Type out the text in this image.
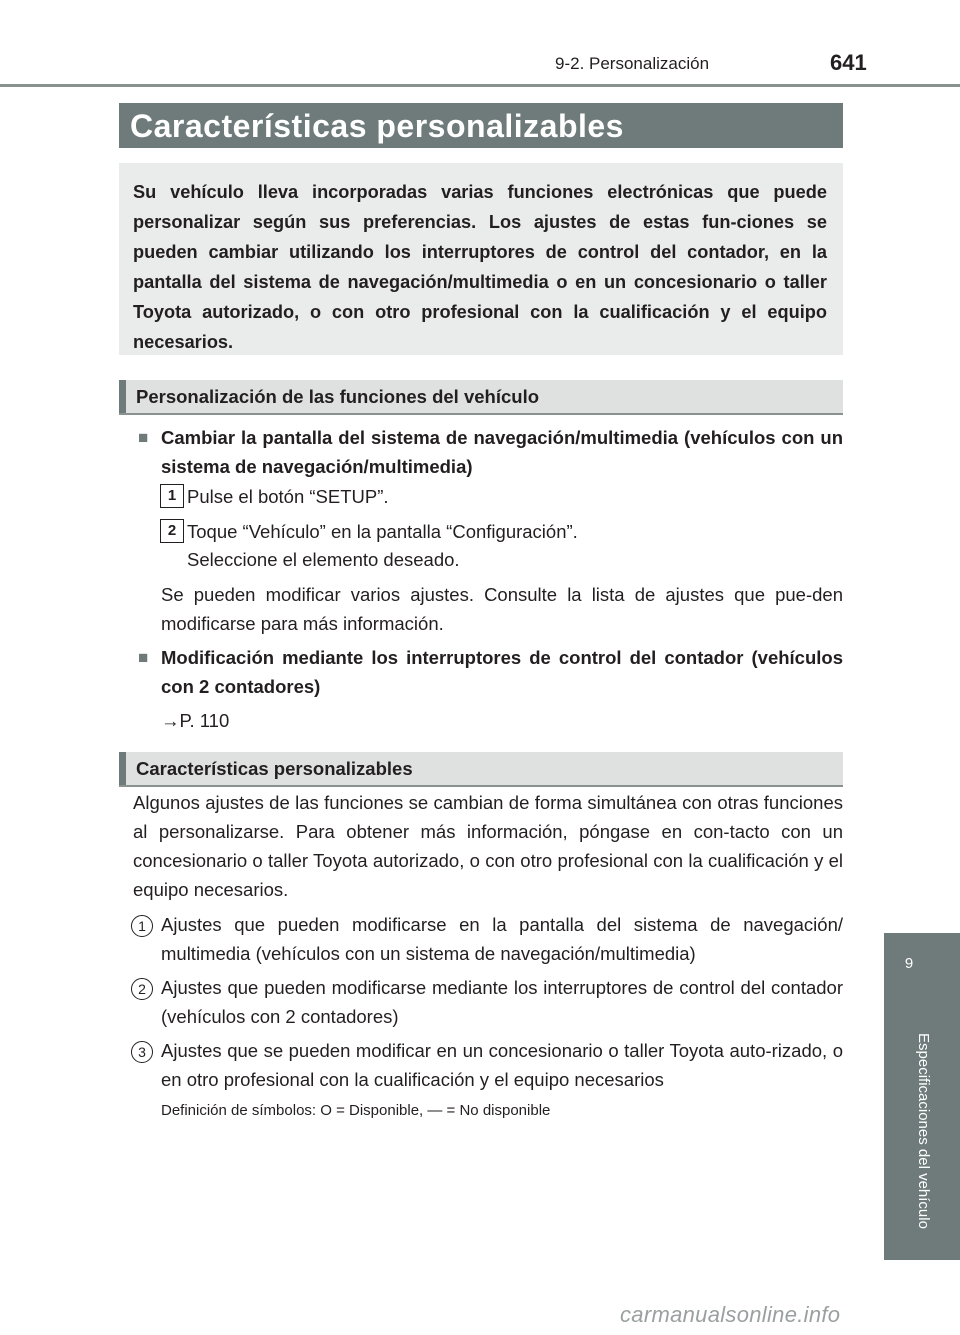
9-2. Personalización	641
Características personalizables
Su vehículo lleva incorporadas varias funciones electrónicas que puede personalizar según sus preferencias. Los ajustes de estas fun-ciones se pueden cambiar utilizando los interruptores de control del contador, en la pantalla del sistema de navegación/multimedia o en un concesionario o taller Toyota autorizado, o con otro profesional con la cualificación y el equipo necesarios.
Personalización de las funciones del vehículo
■ Cambiar la pantalla del sistema de navegación/multimedia (vehículos con un sistema de navegación/multimedia)
1 Pulse el botón “SETUP”.
2 Toque “Vehículo” en la pantalla “Configuración”.
Seleccione el elemento deseado.
Se pueden modificar varios ajustes. Consulte la lista de ajustes que pue-den modificarse para más información.
■ Modificación mediante los interruptores de control del contador (vehículos con 2 contadores)
→P. 110
Características personalizables
Algunos ajustes de las funciones se cambian de forma simultánea con otras funciones al personalizarse. Para obtener más información, póngase en con-tacto con un concesionario o taller Toyota autorizado, o con otro profesional con la cualificación y el equipo necesarios.
1 Ajustes que pueden modificarse en la pantalla del sistema de navegación/ multimedia (vehículos con un sistema de navegación/multimedia)
2 Ajustes que pueden modificarse mediante los interruptores de control del contador (vehículos con 2 contadores)
3 Ajustes que se pueden modificar en un concesionario o taller Toyota auto-rizado, o en otro profesional con la cualificación y el equipo necesarios
Definición de símbolos: O = Disponible, — = No disponible
9
Especificaciones del vehículo
carmanualsonline.info
